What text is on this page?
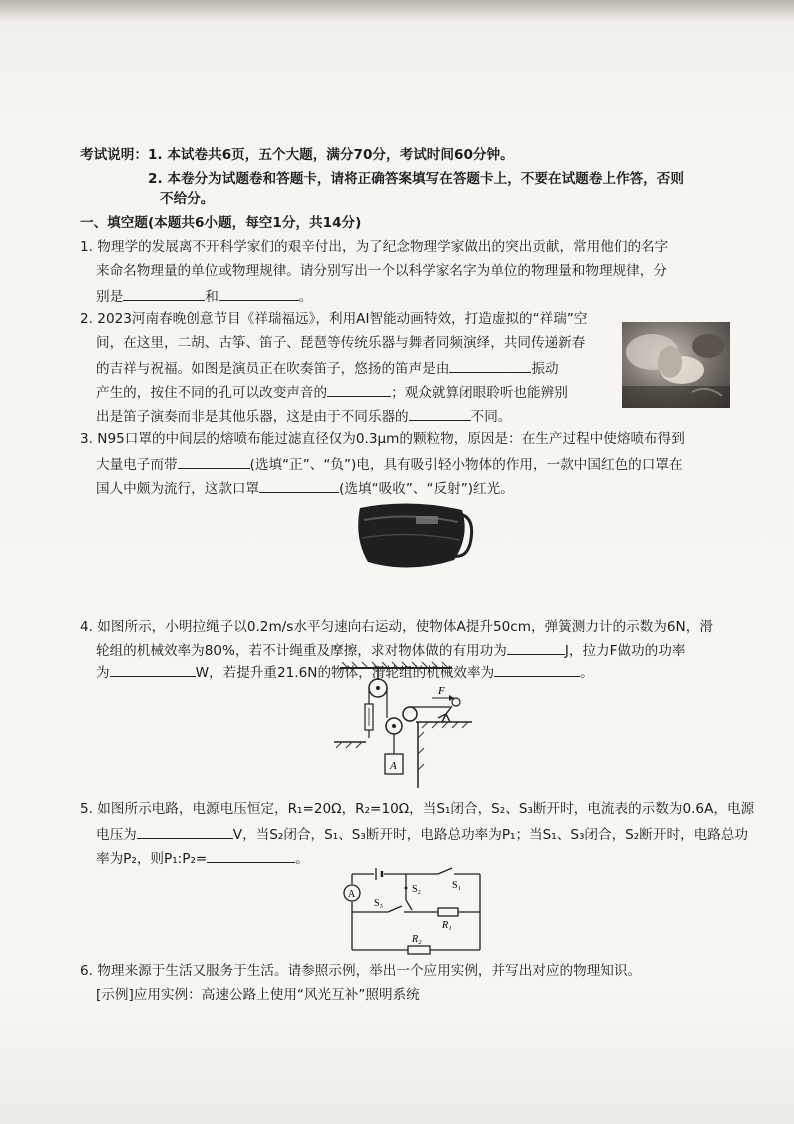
考试说明：1. 本试卷共6页，五个大题，满分70分，考试时间60分钟。
2. 本卷分为试题卷和答题卡，请将正确答案填写在答题卡上，不要在试题卷上作答，否则
不给分。
一、填空题(本题共6小题，每空1分，共14分)
1. 物理学的发展离不开科学家们的艰辛付出，为了纪念物理学家做出的突出贡献，常用他们的名字
来命名物理量的单位或物理规律。请分别写出一个以科学家名字为单位的物理量和物理规律，分
别是	和	。
2. 2023河南春晚创意节目《祥瑞福远》，利用AI智能动画特效，打造虚拟的“祥瑞”空
间，在这里，二胡、古筝、笛子、琵琶等传统乐器与舞者同频演绎，共同传递新春
的吉祥与祝福。如图是演员正在吹奏笛子，悠扬的笛声是由	振动
产生的，按住不同的孔可以改变声音的	；观众就算闭眼聆听也能辨别
出是笛子演奏而非是其他乐器，这是由于不同乐器的	不同。
3. N95口罩的中间层的熔喷布能过滤直径仅为0.3μm的颗粒物，原因是：在生产过程中使熔喷布得到
大量电子而带	(选填“正”、“负”)电，具有吸引轻小物体的作用，一款中国红色的口罩在
国人中颇为流行，这款口罩	(选填“吸收”、“反射”)红光。
4. 如图所示，小明拉绳子以0.2m/s水平匀速向右运动，使物体A提升50cm，弹簧测力计的示数为6N，滑
轮组的机械效率为80%，若不计绳重及摩擦，求对物体做的有用功为	J，拉力F做功的功率
为	W，若提升重21.6N的物体，滑轮组的机械效率为	。
A
F
5. 如图所示电路，电源电压恒定，R₁=20Ω，R₂=10Ω，当S₁闭合，S₂、S₃断开时，电流表的示数为0.6A，电源
电压为	V，当S₂闭合，S₁、S₃断开时，电路总功率为P₁；当S₁、S₃闭合，S₂断开时，电路总功
率为P₂，则P₁:P₂=	。
A	S₂	S₁
S₃
R₁
R₂
6. 物理来源于生活又服务于生活。请参照示例，举出一个应用实例，并写出对应的物理知识。
[示例]应用实例：高速公路上使用“风光互补”照明系统
